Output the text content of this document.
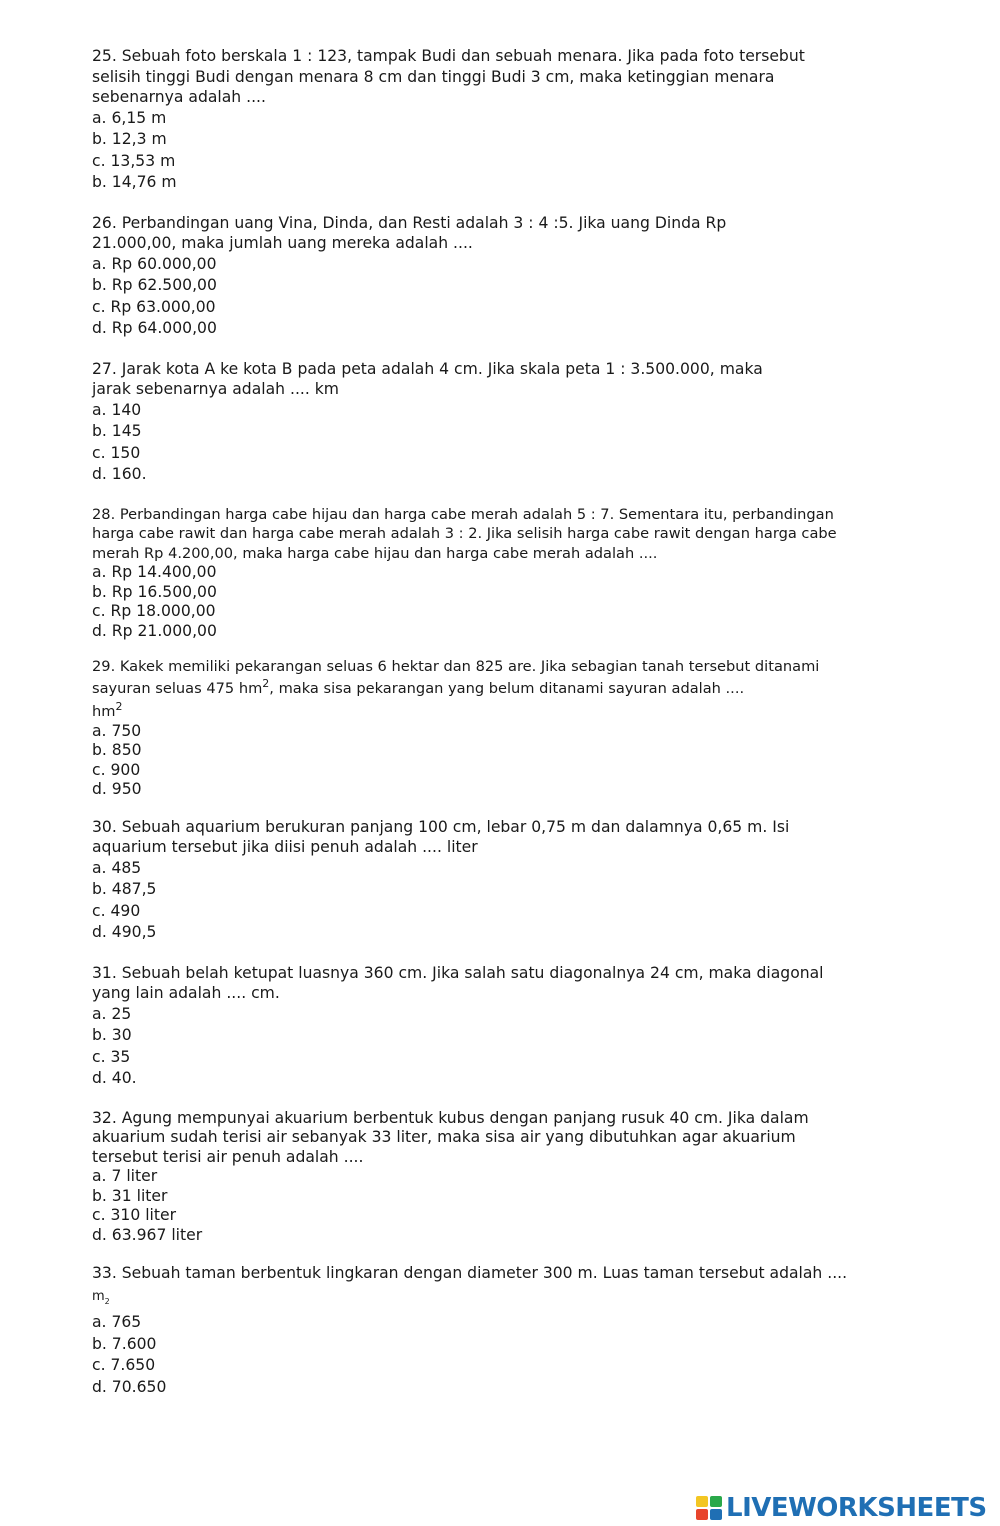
25. Sebuah foto berskala 1 : 123, tampak Budi dan sebuah menara. Jika pada foto tersebut
selisih tinggi Budi dengan menara 8 cm dan tinggi Budi 3 cm, maka ketinggian menara
sebenarnya adalah ....
a. 6,15 m
b. 12,3 m
c. 13,53 m
b. 14,76 m
26. Perbandingan uang Vina, Dinda, dan Resti adalah 3 : 4 :5. Jika uang Dinda Rp
21.000,00, maka jumlah uang mereka adalah ....
a. Rp 60.000,00
b. Rp 62.500,00
c. Rp 63.000,00
d. Rp 64.000,00
27. Jarak kota A ke kota B pada peta adalah 4 cm. Jika skala peta 1 : 3.500.000, maka
jarak sebenarnya adalah .... km
a. 140
b. 145
c. 150
d. 160.
28. Perbandingan harga cabe hijau dan harga cabe merah adalah 5 : 7. Sementara itu, perbandingan
harga cabe rawit dan harga cabe merah adalah 3 : 2. Jika selisih harga cabe rawit dengan harga cabe
merah Rp 4.200,00, maka harga cabe hijau dan harga cabe merah adalah ....
a. Rp 14.400,00
b. Rp 16.500,00
c. Rp 18.000,00
d. Rp 21.000,00
29. Kakek memiliki pekarangan seluas 6 hektar dan 825 are. Jika sebagian tanah tersebut ditanami
sayuran seluas 475 $hm^2$, maka sisa pekarangan yang belum ditanami sayuran adalah ....
$hm^2$
a. 750
b. 850
c. 900
d. 950
30. Sebuah aquarium berukuran panjang 100 cm, lebar 0,75 m dan dalamnya 0,65 m. Isi
aquarium tersebut jika diisi penuh adalah .... liter
a. 485
b. 487,5
c. 490
d. 490,5
31. Sebuah belah ketupat luasnya 360 cm. Jika salah satu diagonalnya 24 cm, maka diagonal
yang lain adalah .... cm.
a. 25
b. 30
c. 35
d. 40.
32. Agung mempunyai akuarium berbentuk kubus dengan panjang rusuk 40 cm. Jika dalam
akuarium sudah terisi air sebanyak 33 liter, maka sisa air yang dibutuhkan agar akuarium
tersebut terisi air penuh adalah ....
a. 7 liter
b. 31 liter
c. 310 liter
d. 63.967 liter
33. Sebuah taman berbentuk lingkaran dengan diameter 300 m. Luas taman tersebut adalah ....
$m_2$
a. 765
b. 7.600
c. 7.650
d. 70.650
LIVEWORKSHEETS
